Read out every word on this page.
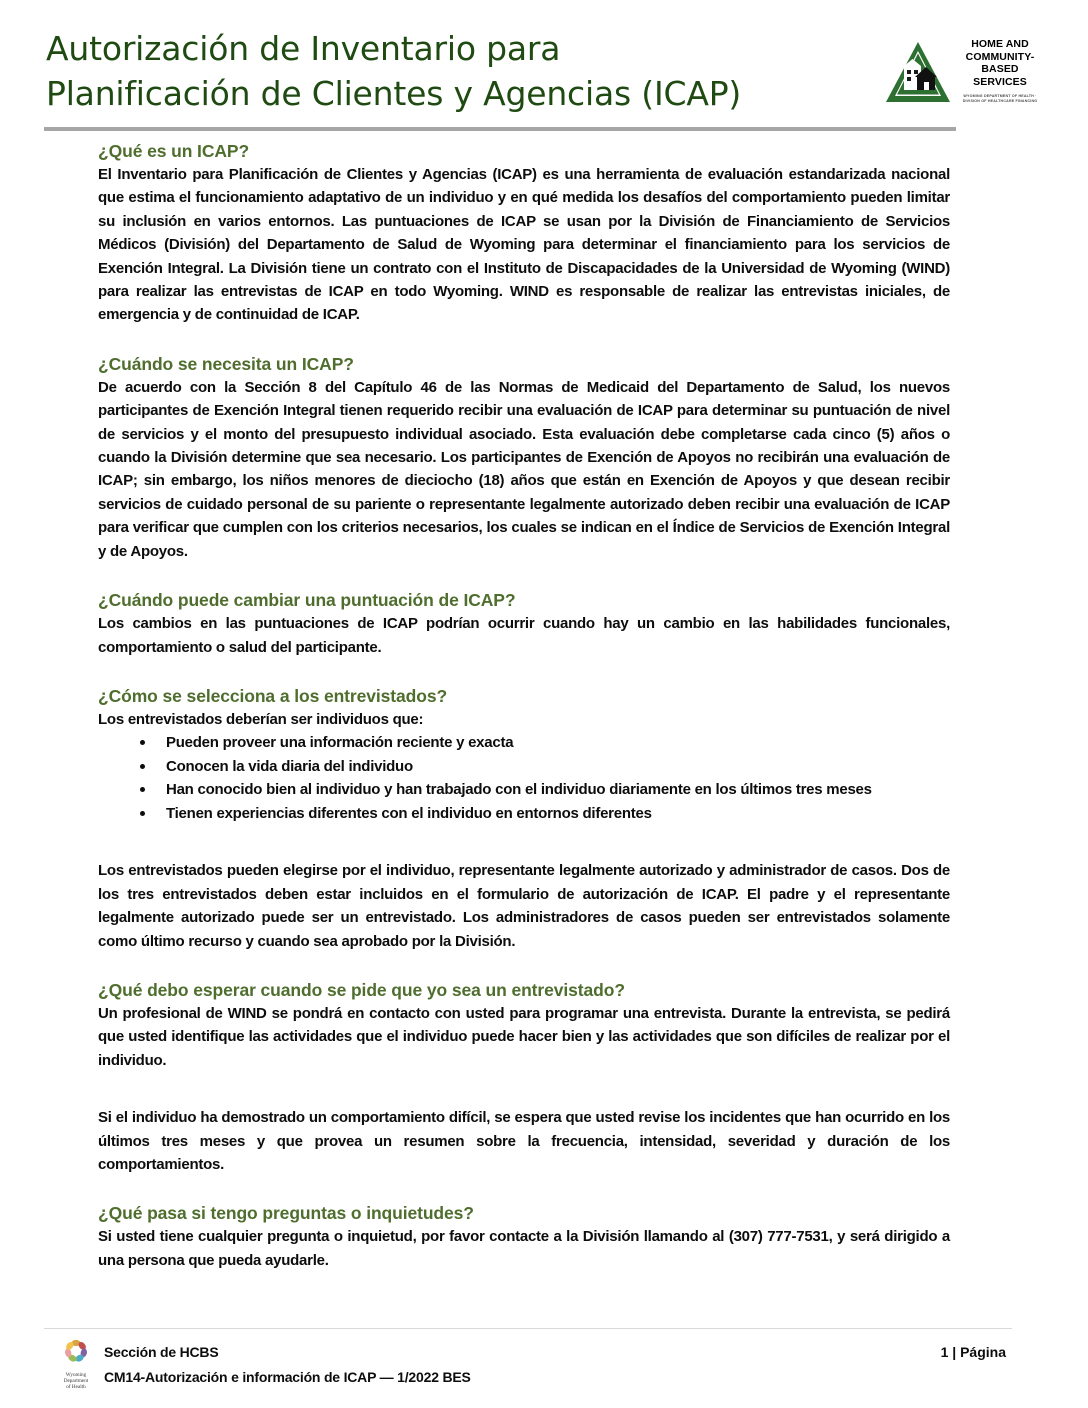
Autorización de Inventario para
Planificación de Clientes y Agencias (ICAP)
HOME AND
COMMUNITY-
BASED
SERVICES
WYOMING DEPARTMENT OF HEALTH · DIVISION OF HEALTHCARE FINANCING
¿Qué es un ICAP?

El Inventario para Planificación de Clientes y Agencias (ICAP) es una herramienta de evaluación estandarizada nacional que estima el funcionamiento adaptativo de un individuo y en qué medida los desafíos del comportamiento pueden limitar su inclusión en varios entornos. Las puntuaciones de ICAP se usan por la División de Financiamiento de Servicios Médicos (División) del Departamento de Salud de Wyoming para determinar el financiamiento para los servicios de Exención Integral. La División tiene un contrato con el Instituto de Discapacidades de la Universidad de Wyoming (WIND) para realizar las entrevistas de ICAP en todo Wyoming. WIND es responsable de realizar las entrevistas iniciales, de emergencia y de continuidad de ICAP.

¿Cuándo se necesita un ICAP?

De acuerdo con la Sección 8 del Capítulo 46 de las Normas de Medicaid del Departamento de Salud, los nuevos participantes de Exención Integral tienen requerido recibir una evaluación de ICAP para determinar su puntuación de nivel de servicios y el monto del presupuesto individual asociado. Esta evaluación debe completarse cada cinco (5) años o cuando la División determine que sea necesario. Los participantes de Exención de Apoyos no recibirán una evaluación de ICAP; sin embargo, los niños menores de dieciocho (18) años que están en Exención de Apoyos y que desean recibir servicios de cuidado personal de su pariente o representante legalmente autorizado deben recibir una evaluación de ICAP para verificar que cumplen con los criterios necesarios, los cuales se indican en el Índice de Servicios de Exención Integral y de Apoyos.

¿Cuándo puede cambiar una puntuación de ICAP?

Los cambios en las puntuaciones de ICAP podrían ocurrir cuando hay un cambio en las habilidades funcionales, comportamiento o salud del participante.

¿Cómo se selecciona a los entrevistados?

Los entrevistados deberían ser individuos que:

Pueden proveer una información reciente y exacta
Conocen la vida diaria del individuo
Han conocido bien al individuo y han trabajado con el individuo diariamente en los últimos tres meses
Tienen experiencias diferentes con el individuo en entornos diferentes

Los entrevistados pueden elegirse por el individuo, representante legalmente autorizado y administrador de casos. Dos de los tres entrevistados deben estar incluidos en el formulario de autorización de ICAP. El padre y el representante legalmente autorizado puede ser un entrevistado. Los administradores de casos pueden ser entrevistados solamente como último recurso y cuando sea aprobado por la División.

¿Qué debo esperar cuando se pide que yo sea un entrevistado?

Un profesional de WIND se pondrá en contacto con usted para programar una entrevista. Durante la entrevista, se pedirá que usted identifique las actividades que el individuo puede hacer bien y las actividades que son difíciles de realizar por el individuo.

Si el individuo ha demostrado un comportamiento difícil, se espera que usted revise los incidentes que han ocurrido en los últimos tres meses y que provea un resumen sobre la frecuencia, intensidad, severidad y duración de los comportamientos.

¿Qué pasa si tengo preguntas o inquietudes?

Si usted tiene cualquier pregunta o inquietud, por favor contacte a la División llamando al (307) 777-7531, y será dirigido a una persona que pueda ayudarle.

Wyoming
Department
of Health
Sección de HCBS
CM14-Autorización e información de ICAP — 1/2022 BES
1 | Página
